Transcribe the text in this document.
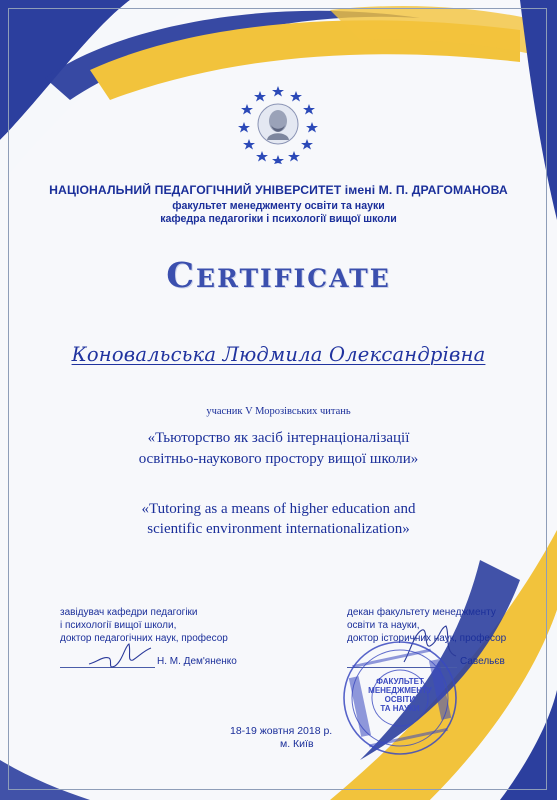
НАЦІОНАЛЬНИЙ ПЕДАГОГІЧНИЙ УНІВЕРСИТЕТ імені М. П. ДРАГОМАНОВА
факультет менеджменту освіти та науки
кафедра педагогіки і психології вищої школи
Certificate
Коновальська Людмила Олександрівна
учасник V Морозівських читань
«Тьюторство як засіб інтернаціоналізації
освітньо-наукового простору вищої школи»
«Tutoring as a means of higher education and
scientific environment internationalization»
завідувач кафедри педагогіки
і психології вищої школи,
доктор педагогічних наук, професор
Н. М. Дем'яненко
декан факультету менеджменту
освіти та науки,
доктор історичних наук, професор
Савельєв
ФАКУЛЬТЕТ
МЕНЕДЖМЕНТУ
ОСВІТИ
ТА НАУКИ
18-19 жовтня 2018 р.
м. Київ
